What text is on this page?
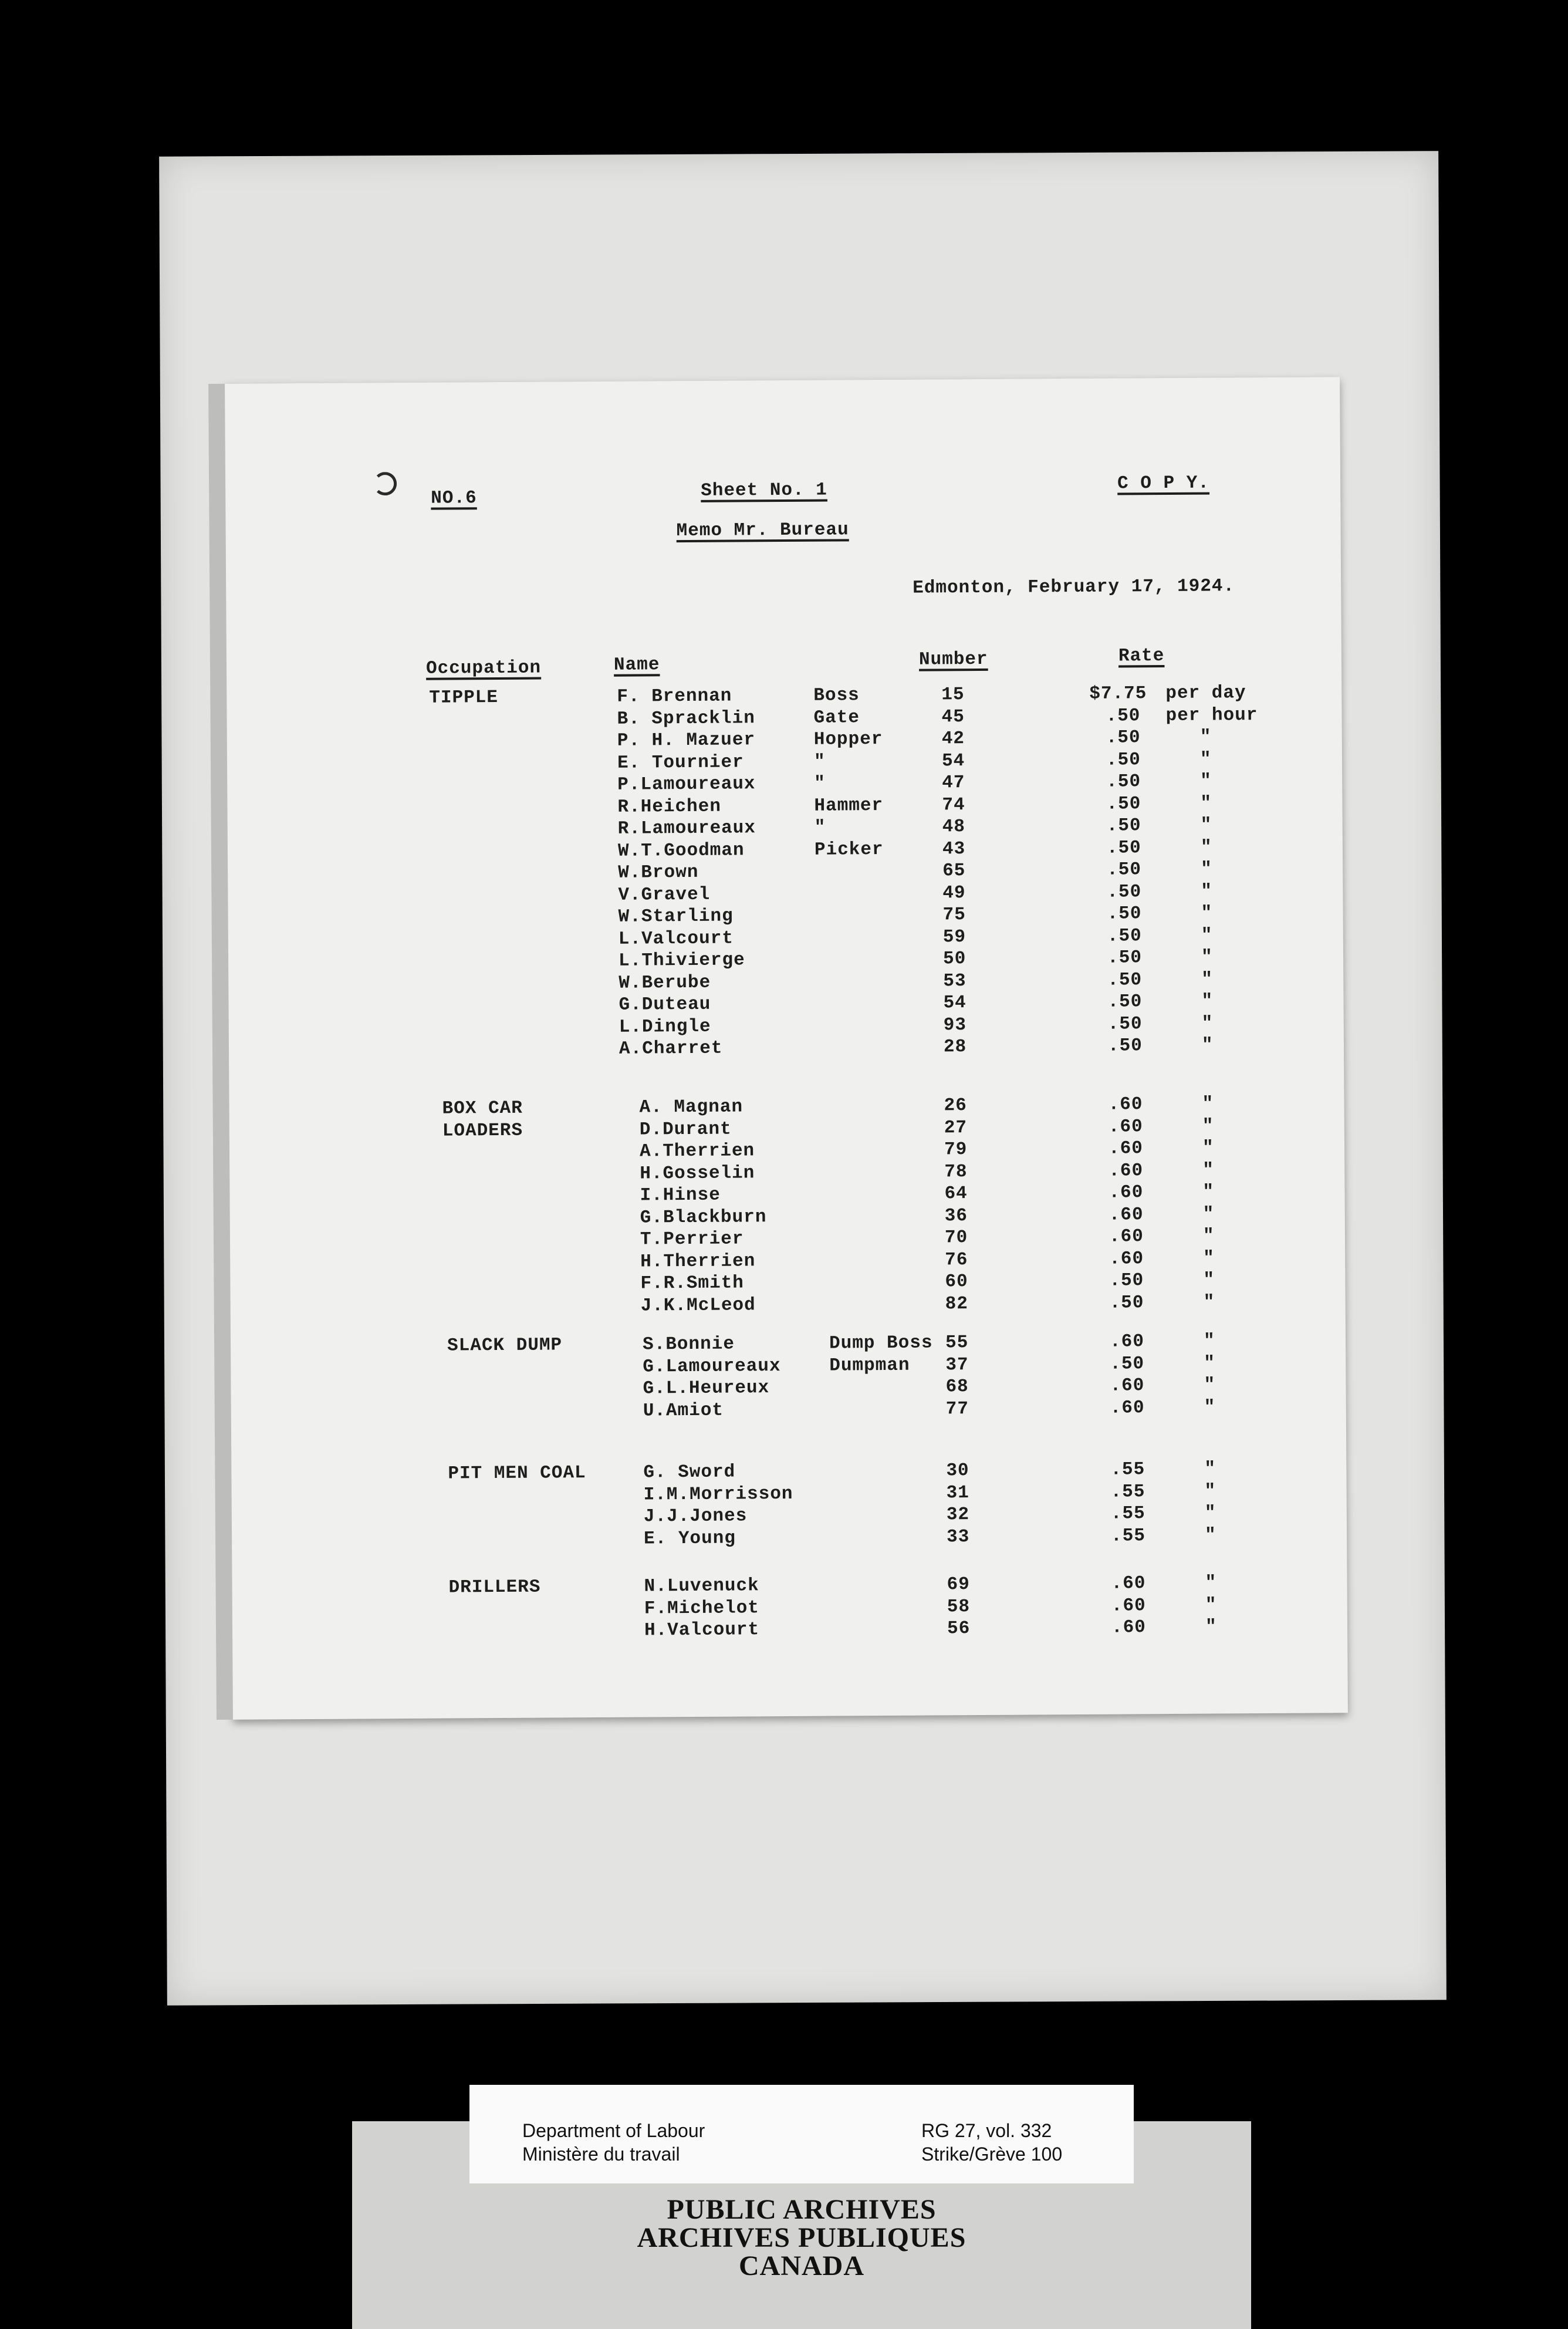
NO.6	Sheet No. 1	C O P Y.
Memo Mr. Bureau
Edmonton, February 17, 1924.
Occupation	Name	Number	Rate
TIPPLE	F. Brennan	Boss	15	$7.75 per day
B. Spracklin	Gate	45	.50 per hour
P. H. Mazuer	Hopper	42	.50	"
E. Tournier	"	54	.50	"
P.Lamoureaux	"	47	.50	"
R.Heichen	Hammer	74	.50	"
R.Lamoureaux	"	48	.50	"
W.T.Goodman	Picker	43	.50	"
W.Brown	65	.50	"
V.Gravel	49	.50	"
W.Starling	75	.50	"
L.Valcourt	59	.50	"
L.Thivierge	50	.50	"
W.Berube	53	.50	"
G.Duteau	54	.50	"
L.Dingle	93	.50	"
A.Charret	28	.50	"
BOX CAR
LOADERS
A. Magnan	26	.60	"
D.Durant	27	.60	"
A.Therrien	79	.60	"
H.Gosselin	78	.60	"
I.Hinse	64	.60	"
G.Blackburn	36	.60	"
T.Perrier	70	.60	"
H.Therrien	76	.60	"
F.R.Smith	60	.50	"
J.K.McLeod	82	.50	"
SLACK DUMP	S.Bonnie	Dump Boss 55	.60	"
G.Lamoureaux	Dumpman 37	.50	"
G.L.Heureux	68	.60	"
U.Amiot	77	.60	"
PIT MEN COAL	G. Sword	30	.55	"
I.M.Morrisson	31	.55	"
J.J.Jones	32	.55	"
E. Young	33	.55	"
DRILLERS	N.Luvenuck	69	.60	"
F.Michelot	58	.60	"
H.Valcourt	56	.60	"
Department of Labour
Ministère du travail
RG 27, vol. 332
Strike/Grève 100
PUBLIC ARCHIVES
ARCHIVES PUBLIQUES
CANADA
